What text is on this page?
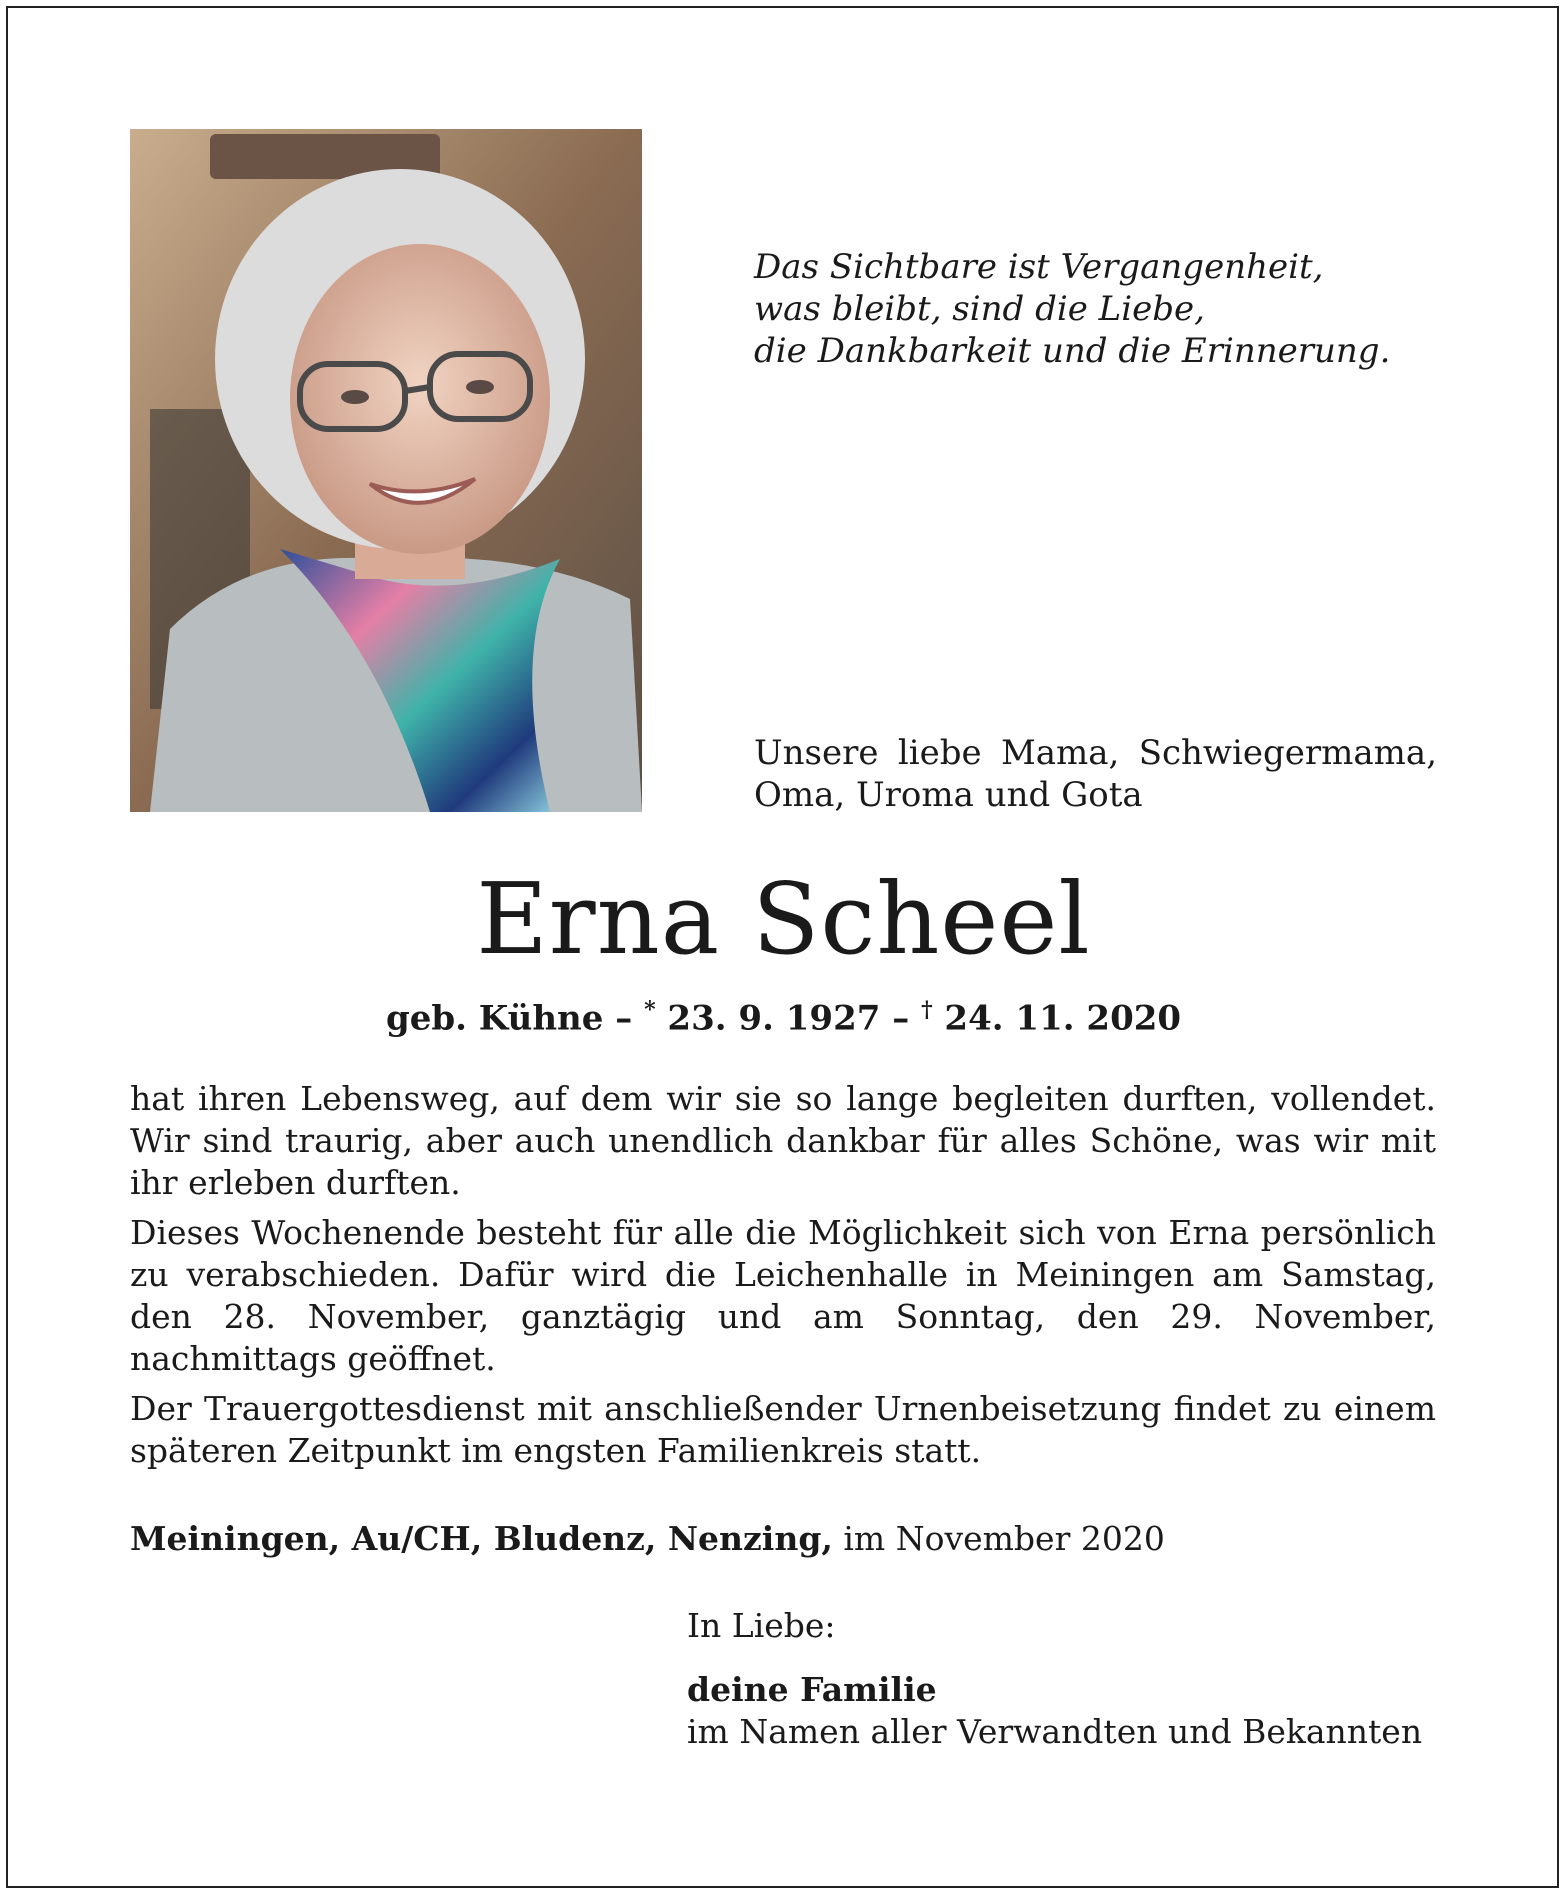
Das Sichtbare ist Vergangenheit,
was bleibt, sind die Liebe,
die Dankbarkeit und die Erinnerung.
Unsere liebe Mama, Schwiegermama,
Oma, Uroma und Gota
Erna Scheel
geb. Kühne – * 23. 9. 1927 – † 24. 11. 2020

hat ihren Lebensweg, auf dem wir sie so lange begleiten durften, vollendet. Wir sind traurig, aber auch unendlich dankbar für alles Schöne, was wir mit ihr erleben durften.

Dieses Wochenende besteht für alle die Möglichkeit sich von Erna persönlich zu verabschieden. Dafür wird die Leichenhalle in Meiningen am Samstag, den 28. November, ganztägig und am Sonntag, den 29. November, nachmittags geöffnet.

Der Trauergottesdienst mit anschließender Urnenbeisetzung findet zu einem späteren Zeitpunkt im engsten Familienkreis statt.

Meiningen, Au/CH, Bludenz, Nenzing, im November 2020
In Liebe:
deine Familie
im Namen aller Verwandten und Bekannten
